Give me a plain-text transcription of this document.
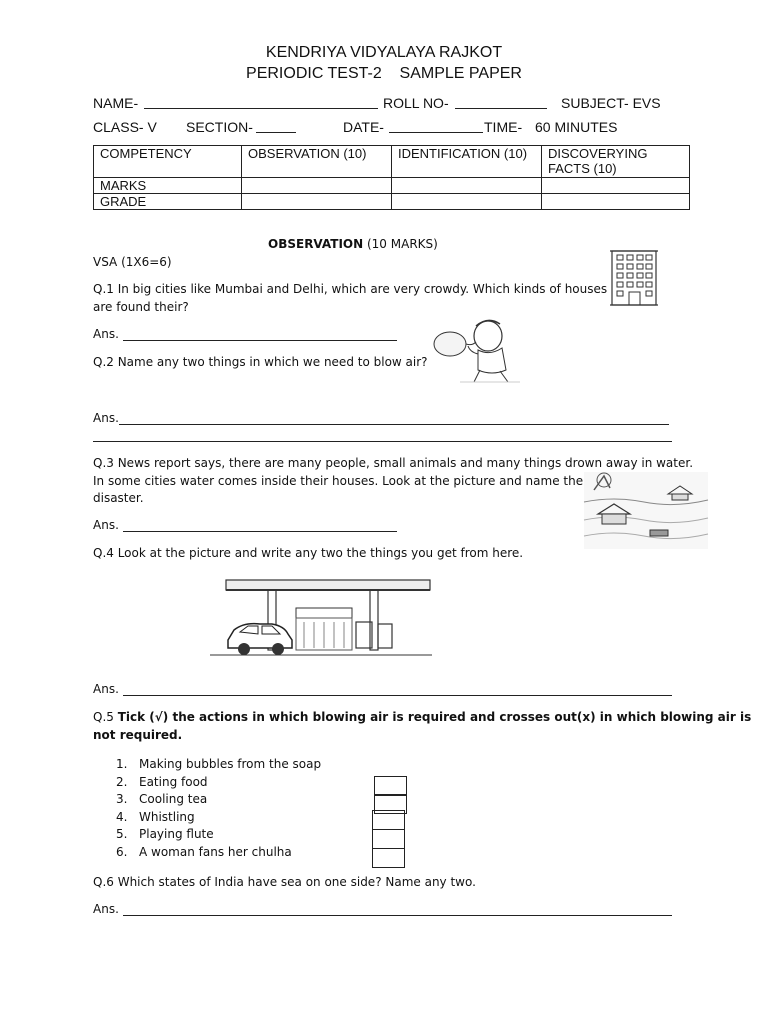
KENDRIYA VIDYALAYA RAJKOT
PERIODIC TEST-2    SAMPLE PAPER
NAME-	ROLL NO-	SUBJECT- EVS
CLASS- V SECTION-	DATE-	TIME- 60 MINUTES
COMPETENCY	OBSERVATION (10)	IDENTIFICATION (10)	DISCOVERYING FACTS (10)
MARKS			
GRADE			
OBSERVATION (10 MARKS)
VSA (1X6=6)
Q.1 In big cities like Mumbai and Delhi, which are very crowdy. Which kinds of houses
are found their?
Ans.
Q.2 Name any two things in which we need to blow air?
Ans.
Q.3 News report says, there are many people, small animals and many things drown away in water.
In some cities water comes inside their houses. Look at the picture and name the
disaster.
Ans.
Q.4 Look at the picture and write any two the things you get from here.
Ans.
Q.5 Tick (√) the actions in which blowing air is required and crosses out(x) in which blowing air is
not required.
1. Making bubbles from the soap
2. Eating food
3. Cooling tea
4. Whistling
5. Playing flute
6. A woman fans her chulha
Q.6 Which states of India have sea on one side? Name any two.
Ans.
